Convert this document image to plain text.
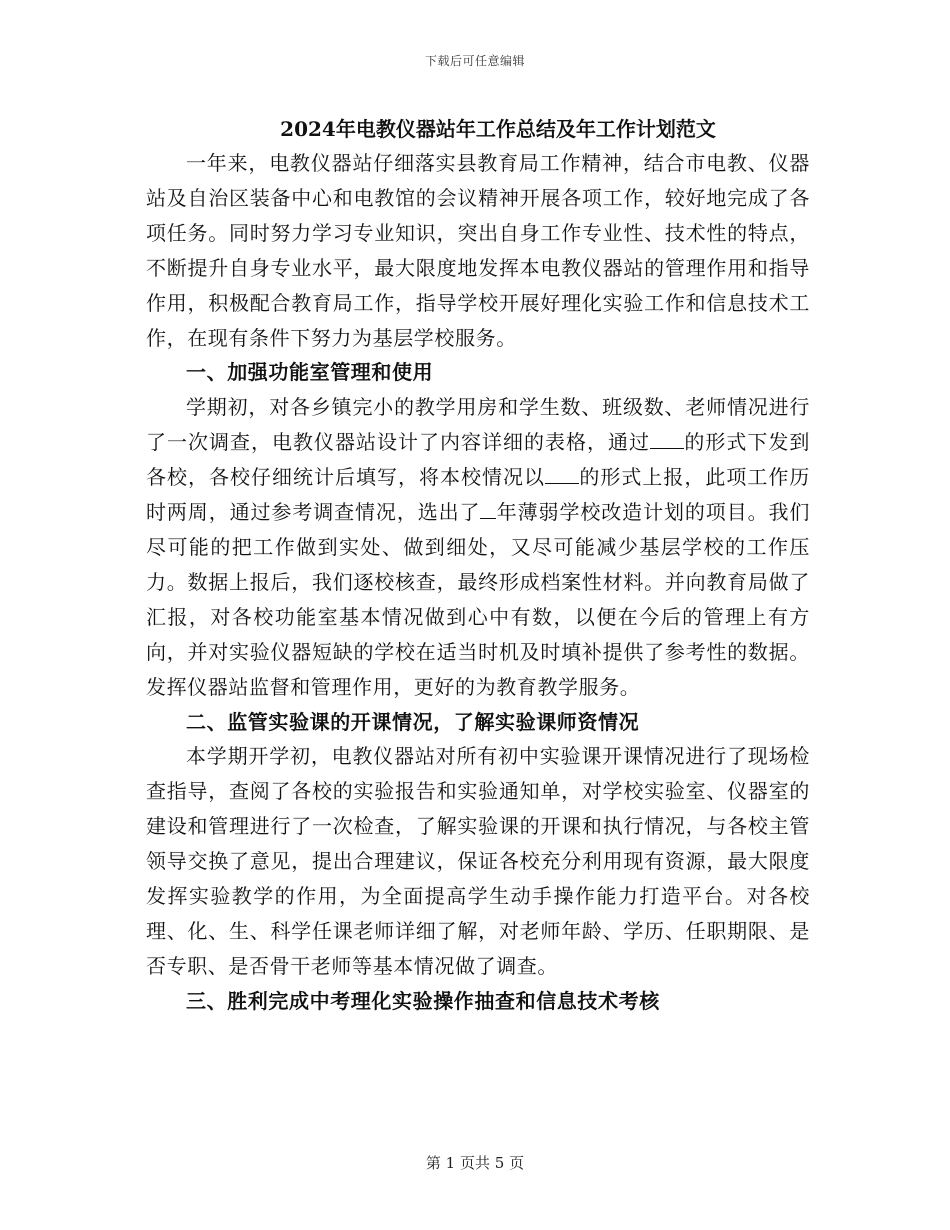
下载后可任意编辑
2024年电教仪器站年工作总结及年工作计划范文

一年来，电教仪器站仔细落实县教育局工作精神，结合市电教、仪器站及自治区装备中心和电教馆的会议精神开展各项工作，较好地完成了各项任务。同时努力学习专业知识，突出自身工作专业性、技术性的特点，不断提升自身专业水平，最大限度地发挥本电教仪器站的管理作用和指导作用，积极配合教育局工作，指导学校开展好理化实验工作和信息技术工作，在现有条件下努力为基层学校服务。

一、加强功能室管理和使用

学期初，对各乡镇完小的教学用房和学生数、班级数、老师情况进行了一次调查，电教仪器站设计了内容详细的表格，通过 的形式下发到各校，各校仔细统计后填写，将本校情况以 的形式上报，此项工作历时两周，通过参考调查情况，选出了 年薄弱学校改造计划的项目。我们尽可能的把工作做到实处、做到细处，又尽可能减少基层学校的工作压力。数据上报后，我们逐校核查，最终形成档案性材料。并向教育局做了汇报，对各校功能室基本情况做到心中有数，以便在今后的管理上有方向，并对实验仪器短缺的学校在适当时机及时填补提供了参考性的数据。发挥仪器站监督和管理作用，更好的为教育教学服务。

二、监管实验课的开课情况，了解实验课师资情况

本学期开学初，电教仪器站对所有初中实验课开课情况进行了现场检查指导，查阅了各校的实验报告和实验通知单，对学校实验室、仪器室的建设和管理进行了一次检查，了解实验课的开课和执行情况，与各校主管领导交换了意见，提出合理建议，保证各校充分利用现有资源，最大限度发挥实验教学的作用，为全面提高学生动手操作能力打造平台。对各校理、化、生、科学任课老师详细了解，对老师年龄、学历、任职期限、是否专职、是否骨干老师等基本情况做了调查。

三、胜利完成中考理化实验操作抽查和信息技术考核

第 1 页共 5 页
